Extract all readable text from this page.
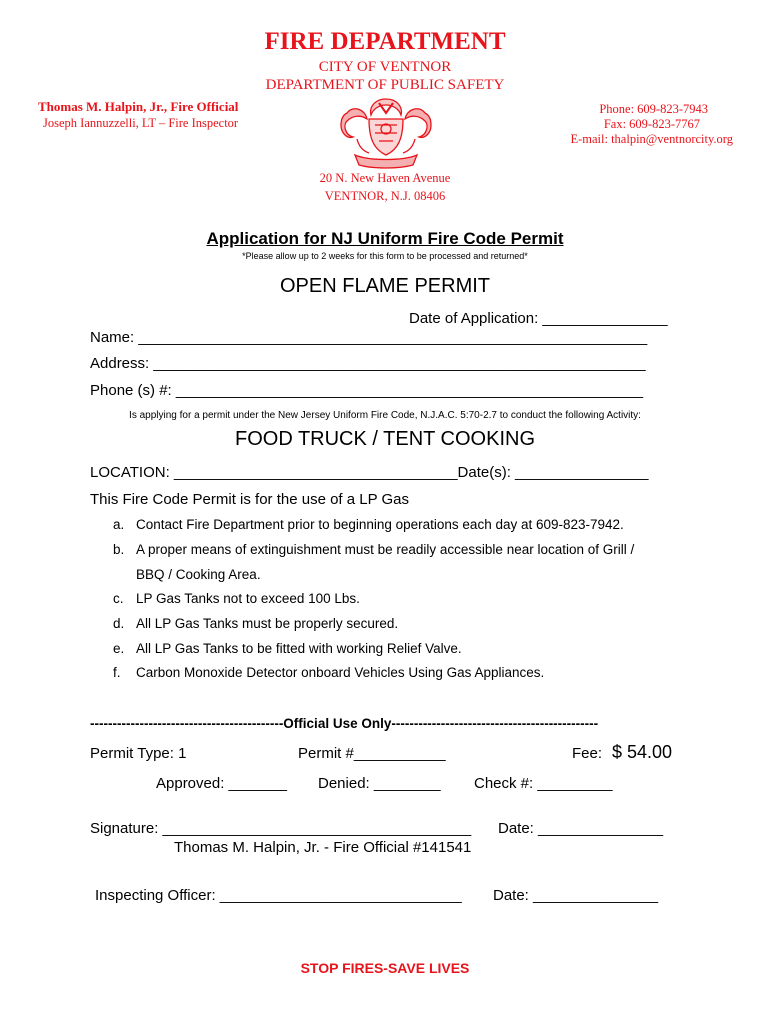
FIRE DEPARTMENT
CITY OF VENTNOR
DEPARTMENT OF PUBLIC SAFETY
Thomas M. Halpin, Jr., Fire Official
Joseph Iannuzzelli, LT – Fire Inspector
Phone: 609-823-7943
Fax: 609-823-7767
E-mail: thalpin@ventnorcity.org
20 N. New Haven Avenue
VENTNOR, N.J. 08406
Application for NJ Uniform Fire Code Permit
*Please allow up to 2 weeks for this form to be processed and returned*
OPEN FLAME PERMIT
Date of Application: _______________
Name: _____________________________________________________________
Address: ___________________________________________________________
Phone (s) #: ________________________________________________________
Is applying for a permit under the New Jersey Uniform Fire Code, N.J.A.C. 5:70-2.7 to conduct the following Activity:
FOOD TRUCK / TENT COOKING
LOCATION: __________________________________Date(s): ________________
This Fire Code Permit is for the use of a LP Gas
a. Contact Fire Department prior to beginning operations each day at 609-823-7942.
b. A proper means of extinguishment must be readily accessible near location of Grill /
BBQ / Cooking Area.
c. LP Gas Tanks not to exceed 100 Lbs.
d. All LP Gas Tanks must be properly secured.
e. All LP Gas Tanks to be fitted with working Relief Valve.
f. Carbon Monoxide Detector onboard Vehicles Using Gas Appliances.
-------------------------------------------Official Use Only----------------------------------------------
Permit Type: 1	Permit #___________	Fee: $ 54.00
Approved: _______ Denied: ________ Check #: _________
Signature: _____________________________________ Date: _______________
Thomas M. Halpin, Jr. - Fire Official #141541
Inspecting Officer: _____________________________ Date: _______________
STOP FIRES-SAVE LIVES
